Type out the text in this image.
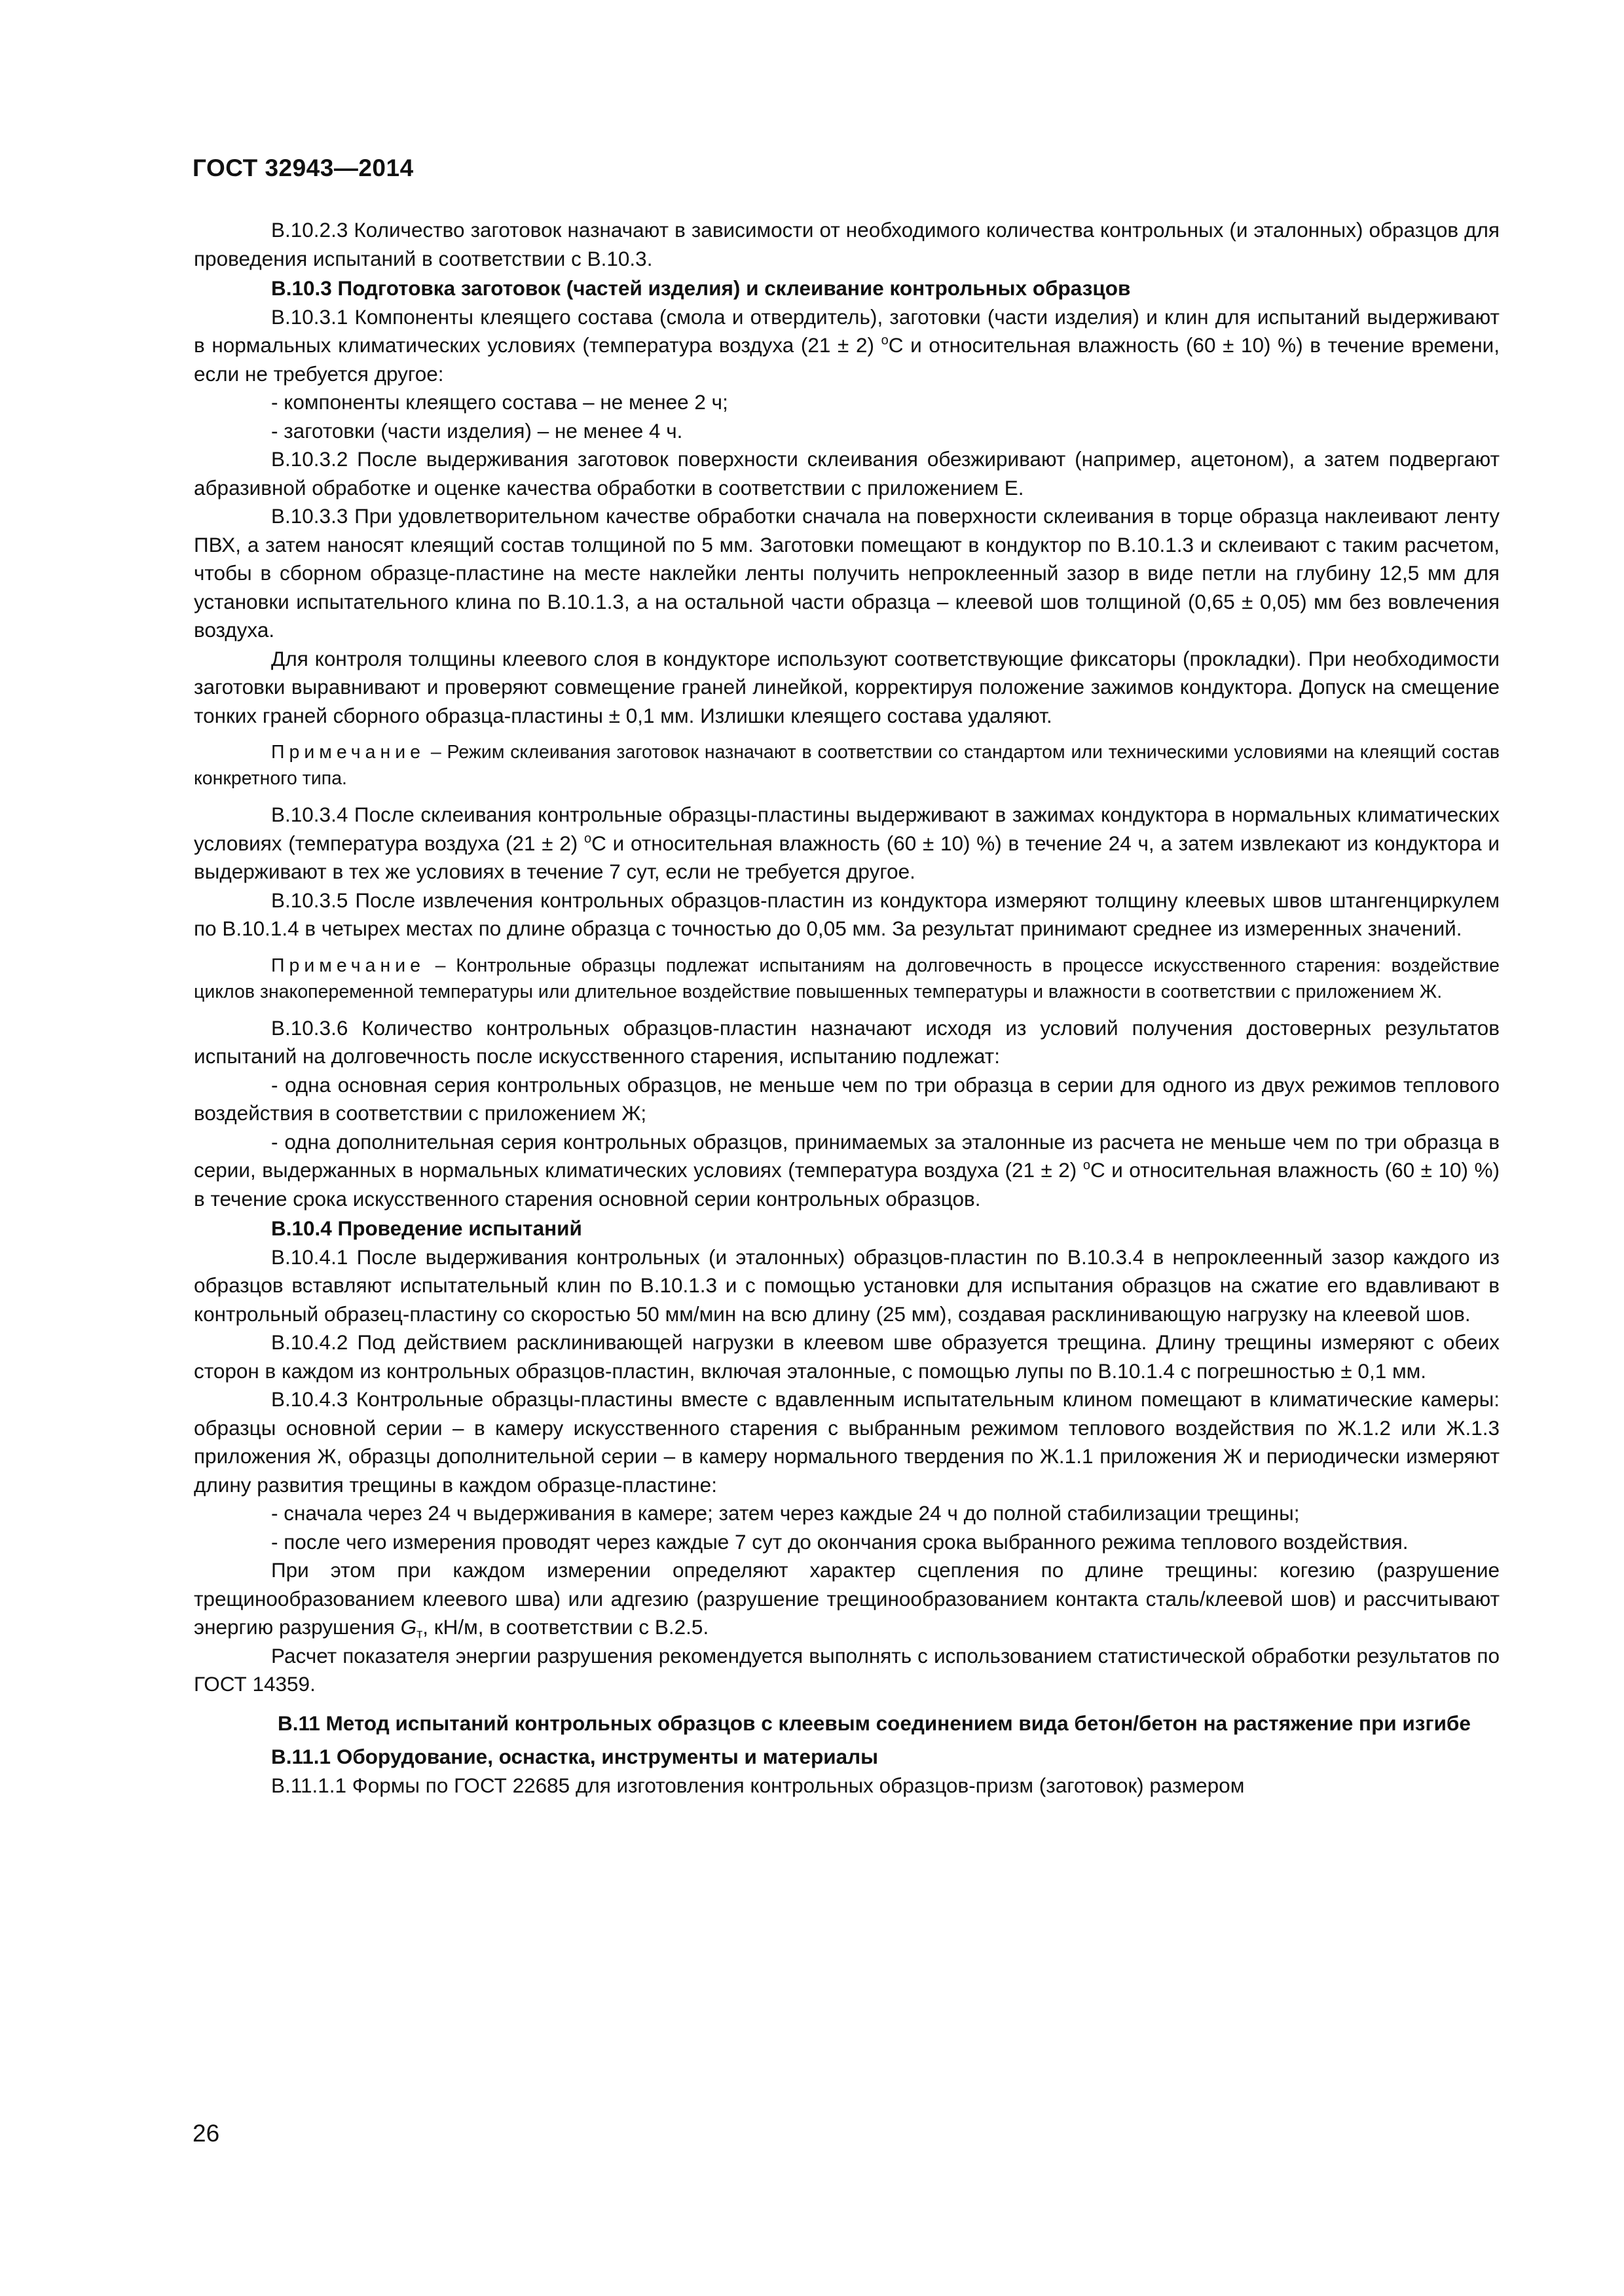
ГОСТ 32943—2014

В.10.2.3 Количество заготовок назначают в зависимости от необходимого количества контрольных (и эталонных) образцов для проведения испытаний в соответствии с В.10.3.

В.10.3 Подготовка заготовок (частей изделия) и склеивание контрольных образцов

В.10.3.1 Компоненты клеящего состава (смола и отвердитель), заготовки (части изделия) и клин для испытаний выдерживают в нормальных климатических условиях (температура воздуха (21 ± 2) $^о$С и относительная влажность (60 ± 10) %) в течение времени, если не требуется другое:

- компоненты клеящего состава – не менее 2 ч;

- заготовки (части изделия) – не менее 4 ч.

В.10.3.2 После выдерживания заготовок поверхности склеивания обезжиривают (например, ацетоном), а затем подвергают абразивной обработке и оценке качества обработки в соответствии с приложением Е.

В.10.3.3 При удовлетворительном качестве обработки сначала на поверхности склеивания в торце образца наклеивают ленту ПВХ, а затем наносят клеящий состав толщиной по 5 мм. Заготовки помещают в кондуктор по В.10.1.3 и склеивают с таким расчетом, чтобы в сборном образце-пластине на месте наклейки ленты получить непроклеенный зазор в виде петли на глубину 12,5 мм для установки испытательного клина по В.10.1.3, а на остальной части образца – клеевой шов толщиной (0,65 ± 0,05) мм без вовлечения воздуха.

Для контроля толщины клеевого слоя в кондукторе используют соответствующие фиксаторы (прокладки). При необходимости заготовки выравнивают и проверяют совмещение граней линейкой, корректируя положение зажимов кондуктора. Допуск на смещение тонких граней сборного образца-пластины ± 0,1 мм. Излишки клеящего состава удаляют.

Примечание – Режим склеивания заготовок назначают в соответствии со стандартом или техническими условиями на клеящий состав конкретного типа.

В.10.3.4 После склеивания контрольные образцы-пластины выдерживают в зажимах кондуктора в нормальных климатических условиях (температура воздуха (21 ± 2) $^о$С и относительная влажность (60 ± 10) %) в течение 24 ч, а затем извлекают из кондуктора и выдерживают в тех же условиях в течение 7 сут, если не требуется другое.

В.10.3.5 После извлечения контрольных образцов-пластин из кондуктора измеряют толщину клеевых швов штангенциркулем по В.10.1.4 в четырех местах по длине образца с точностью до 0,05 мм. За результат принимают среднее из измеренных значений.

Примечание – Контрольные образцы подлежат испытаниям на долговечность в процессе искусственного старения: воздействие циклов знакопеременной температуры или длительное воздействие повышенных температуры и влажности в соответствии с приложением Ж.

В.10.3.6 Количество контрольных образцов-пластин назначают исходя из условий получения достоверных результатов испытаний на долговечность после искусственного старения, испытанию подлежат:

- одна основная серия контрольных образцов, не меньше чем по три образца в серии для одного из двух режимов теплового воздействия в соответствии с приложением Ж;

- одна дополнительная серия контрольных образцов, принимаемых за эталонные из расчета не меньше чем по три образца в серии, выдержанных в нормальных климатических условиях (температура воздуха (21 ± 2) $^о$С и относительная влажность (60 ± 10) %) в течение срока искусственного старения основной серии контрольных образцов.

В.10.4 Проведение испытаний

В.10.4.1 После выдерживания контрольных (и эталонных) образцов-пластин по В.10.3.4 в непроклеенный зазор каждого из образцов вставляют испытательный клин по В.10.1.3 и с помощью установки для испытания образцов на сжатие его вдавливают в контрольный образец-пластину со скоростью 50 мм/мин на всю длину (25 мм), создавая расклинивающую нагрузку на клеевой шов.

В.10.4.2 Под действием расклинивающей нагрузки в клеевом шве образуется трещина. Длину трещины измеряют с обеих сторон в каждом из контрольных образцов-пластин, включая эталонные, с помощью лупы по В.10.1.4 с погрешностью ± 0,1 мм.

В.10.4.3 Контрольные образцы-пластины вместе с вдавленным испытательным клином помещают в климатические камеры: образцы основной серии – в камеру искусственного старения с выбранным режимом теплового воздействия по Ж.1.2 или Ж.1.3 приложения Ж, образцы дополнительной серии – в камеру нормального твердения по Ж.1.1 приложения Ж и периодически измеряют длину развития трещины в каждом образце-пластине:

- сначала через 24 ч выдерживания в камере; затем через каждые 24 ч до полной стабилизации трещины;

- после чего измерения проводят через каждые 7 сут до окончания срока выбранного режима теплового воздействия.

При этом при каждом измерении определяют характер сцепления по длине трещины: когезию (разрушение трещинообразованием клеевого шва) или адгезию (разрушение трещинообразованием контакта сталь/клеевой шов) и рассчитывают энергию разрушения $G_т$, кН/м, в соответствии с В.2.5.

Расчет показателя энергии разрушения рекомендуется выполнять с использованием статистической обработки результатов по ГОСТ 14359.

В.11 Метод испытаний контрольных образцов с клеевым соединением вида бетон/бетон на растяжение при изгибе

В.11.1 Оборудование, оснастка, инструменты и материалы

В.11.1.1 Формы по ГОСТ 22685 для изготовления контрольных образцов-призм (заготовок) размером

26
